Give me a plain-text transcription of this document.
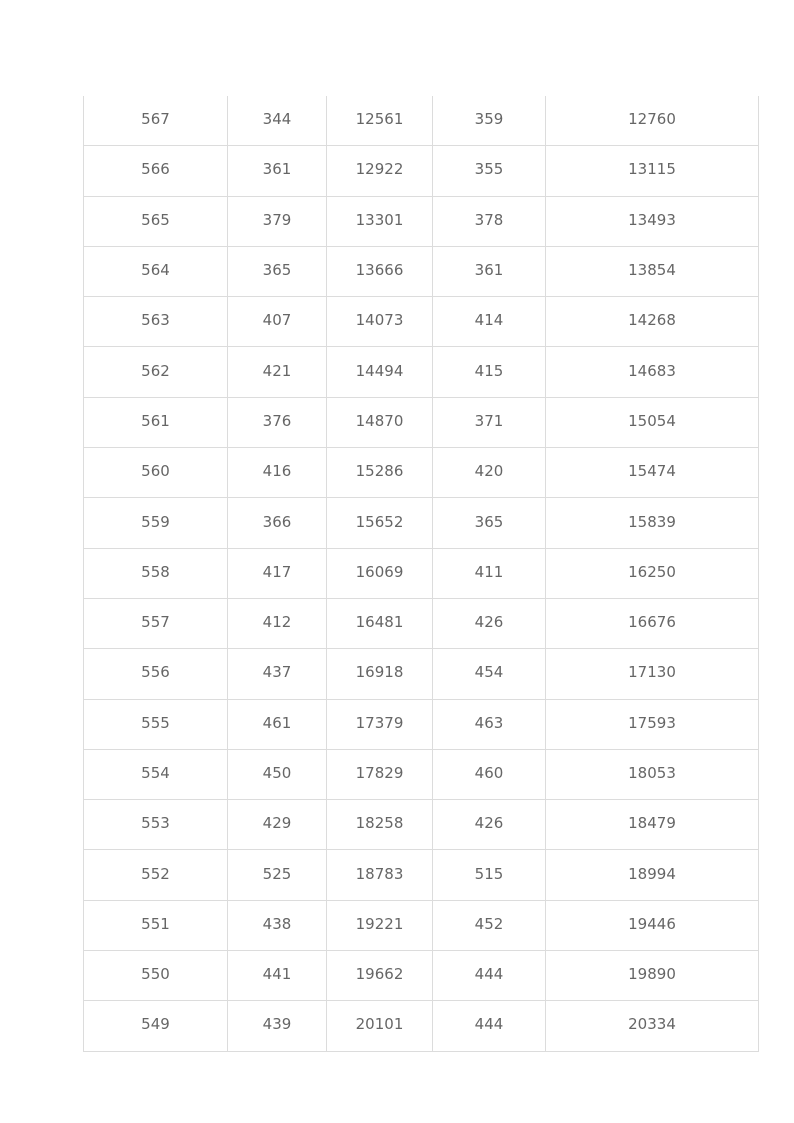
567	344	12561	359	12760
566	361	12922	355	13115
565	379	13301	378	13493
564	365	13666	361	13854
563	407	14073	414	14268
562	421	14494	415	14683
561	376	14870	371	15054
560	416	15286	420	15474
559	366	15652	365	15839
558	417	16069	411	16250
557	412	16481	426	16676
556	437	16918	454	17130
555	461	17379	463	17593
554	450	17829	460	18053
553	429	18258	426	18479
552	525	18783	515	18994
551	438	19221	452	19446
550	441	19662	444	19890
549	439	20101	444	20334
